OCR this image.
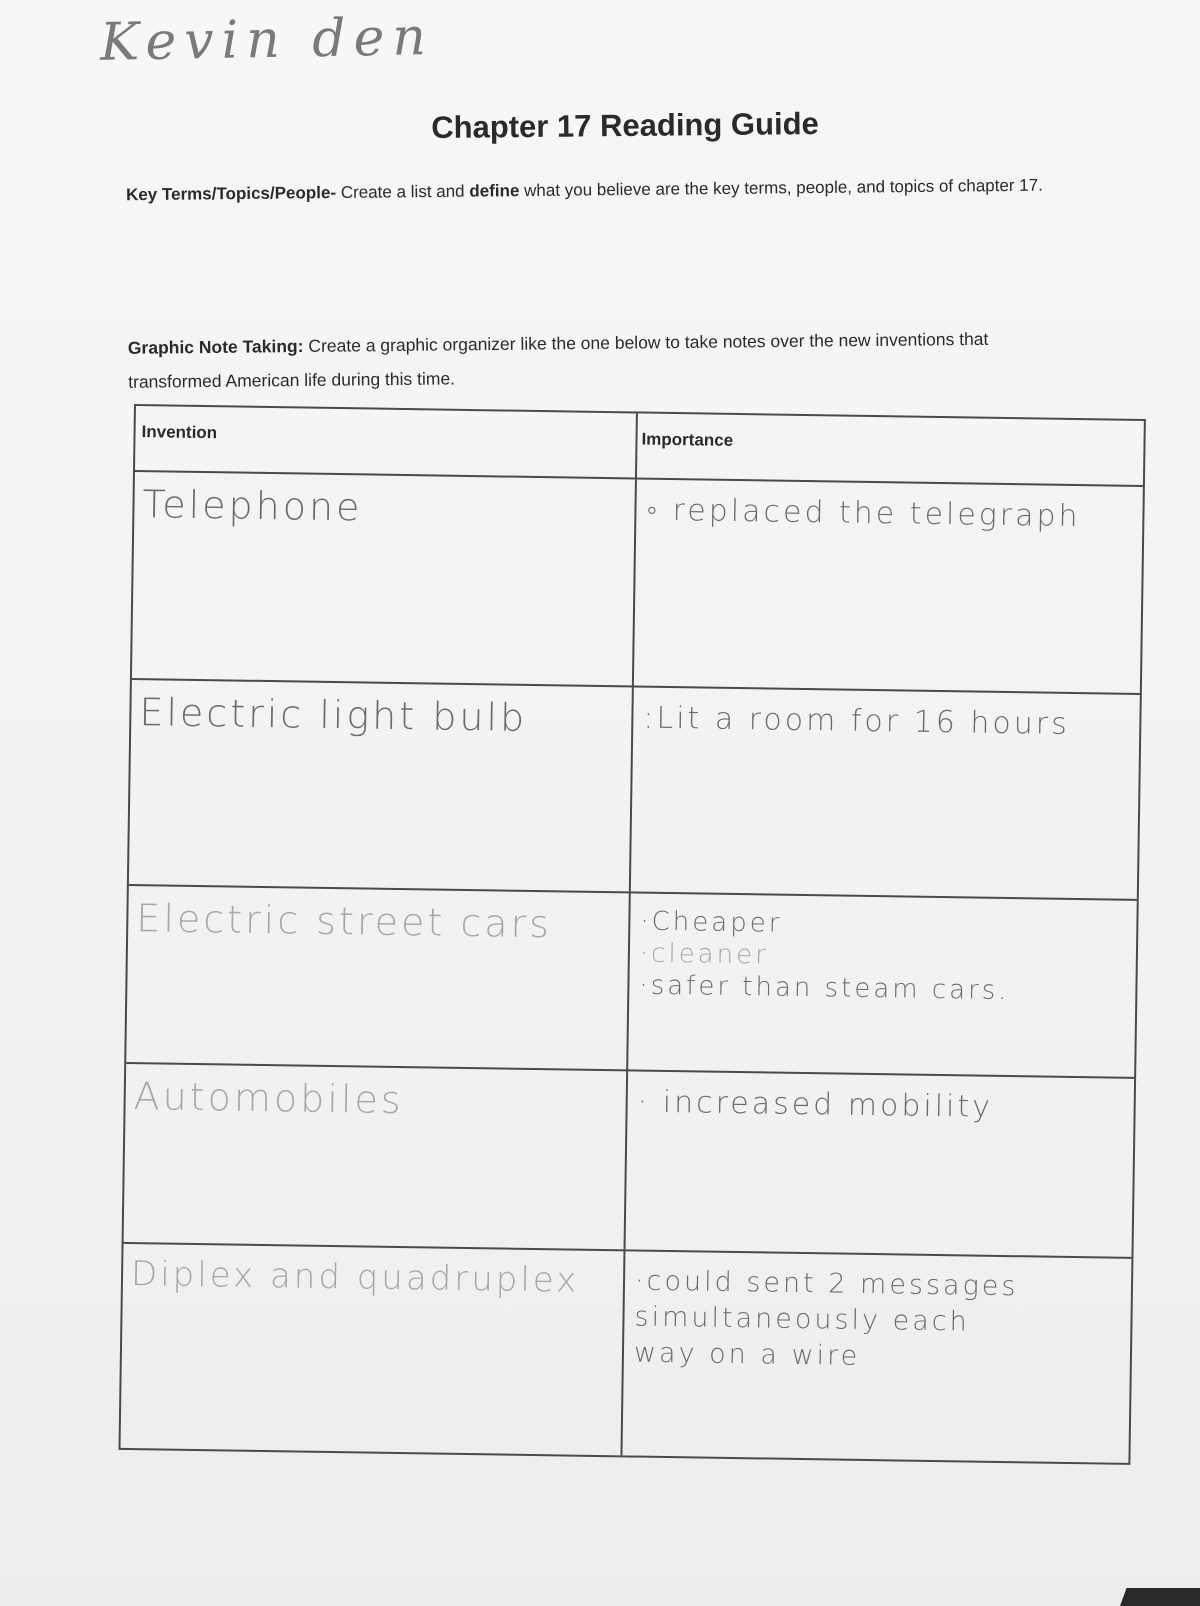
Kevin den
Chapter 17 Reading Guide
Key Terms/Topics/People- Create a list and define what you believe are the key terms, people, and topics of chapter 17.
Graphic Note Taking: Create a graphic organizer like the one below to take notes over the new inventions that transformed American life during this time.
Invention	Importance
Telephone	◦ replaced the telegraph
Electric light bulb	:Lit a room for 16 hours
Electric street cars	·Cheaper
·cleaner
·safer than steam cars.
Automobiles	· increased mobility
Diplex and quadruplex	·could sent 2 messages
simultaneously each
way on a wire
